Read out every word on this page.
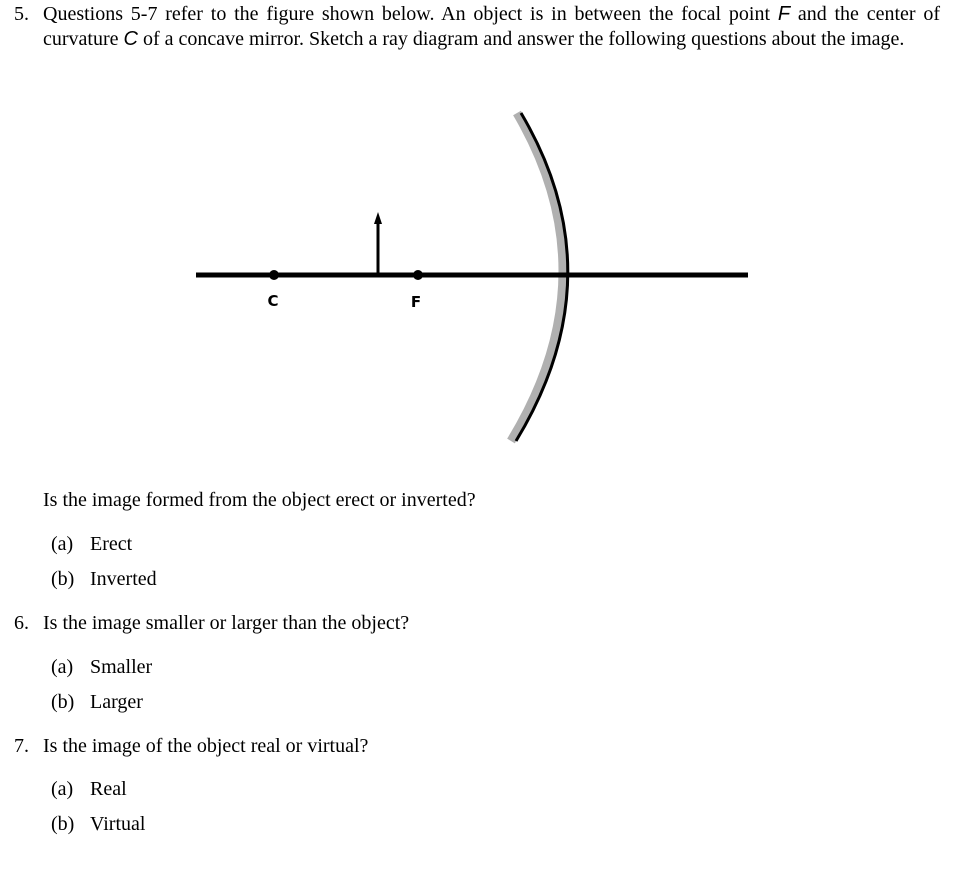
5. Questions 5-7 refer to the figure shown below. An object is in between the focal point F and the center of curvature C of a concave mirror. Sketch a ray diagram and answer the following questions about the image.
C	F
Is the image formed from the object erect or inverted?
(a) Erect
(b) Inverted
6. Is the image smaller or larger than the object?
(a) Smaller
(b) Larger
7. Is the image of the object real or virtual?
(a) Real
(b) Virtual
